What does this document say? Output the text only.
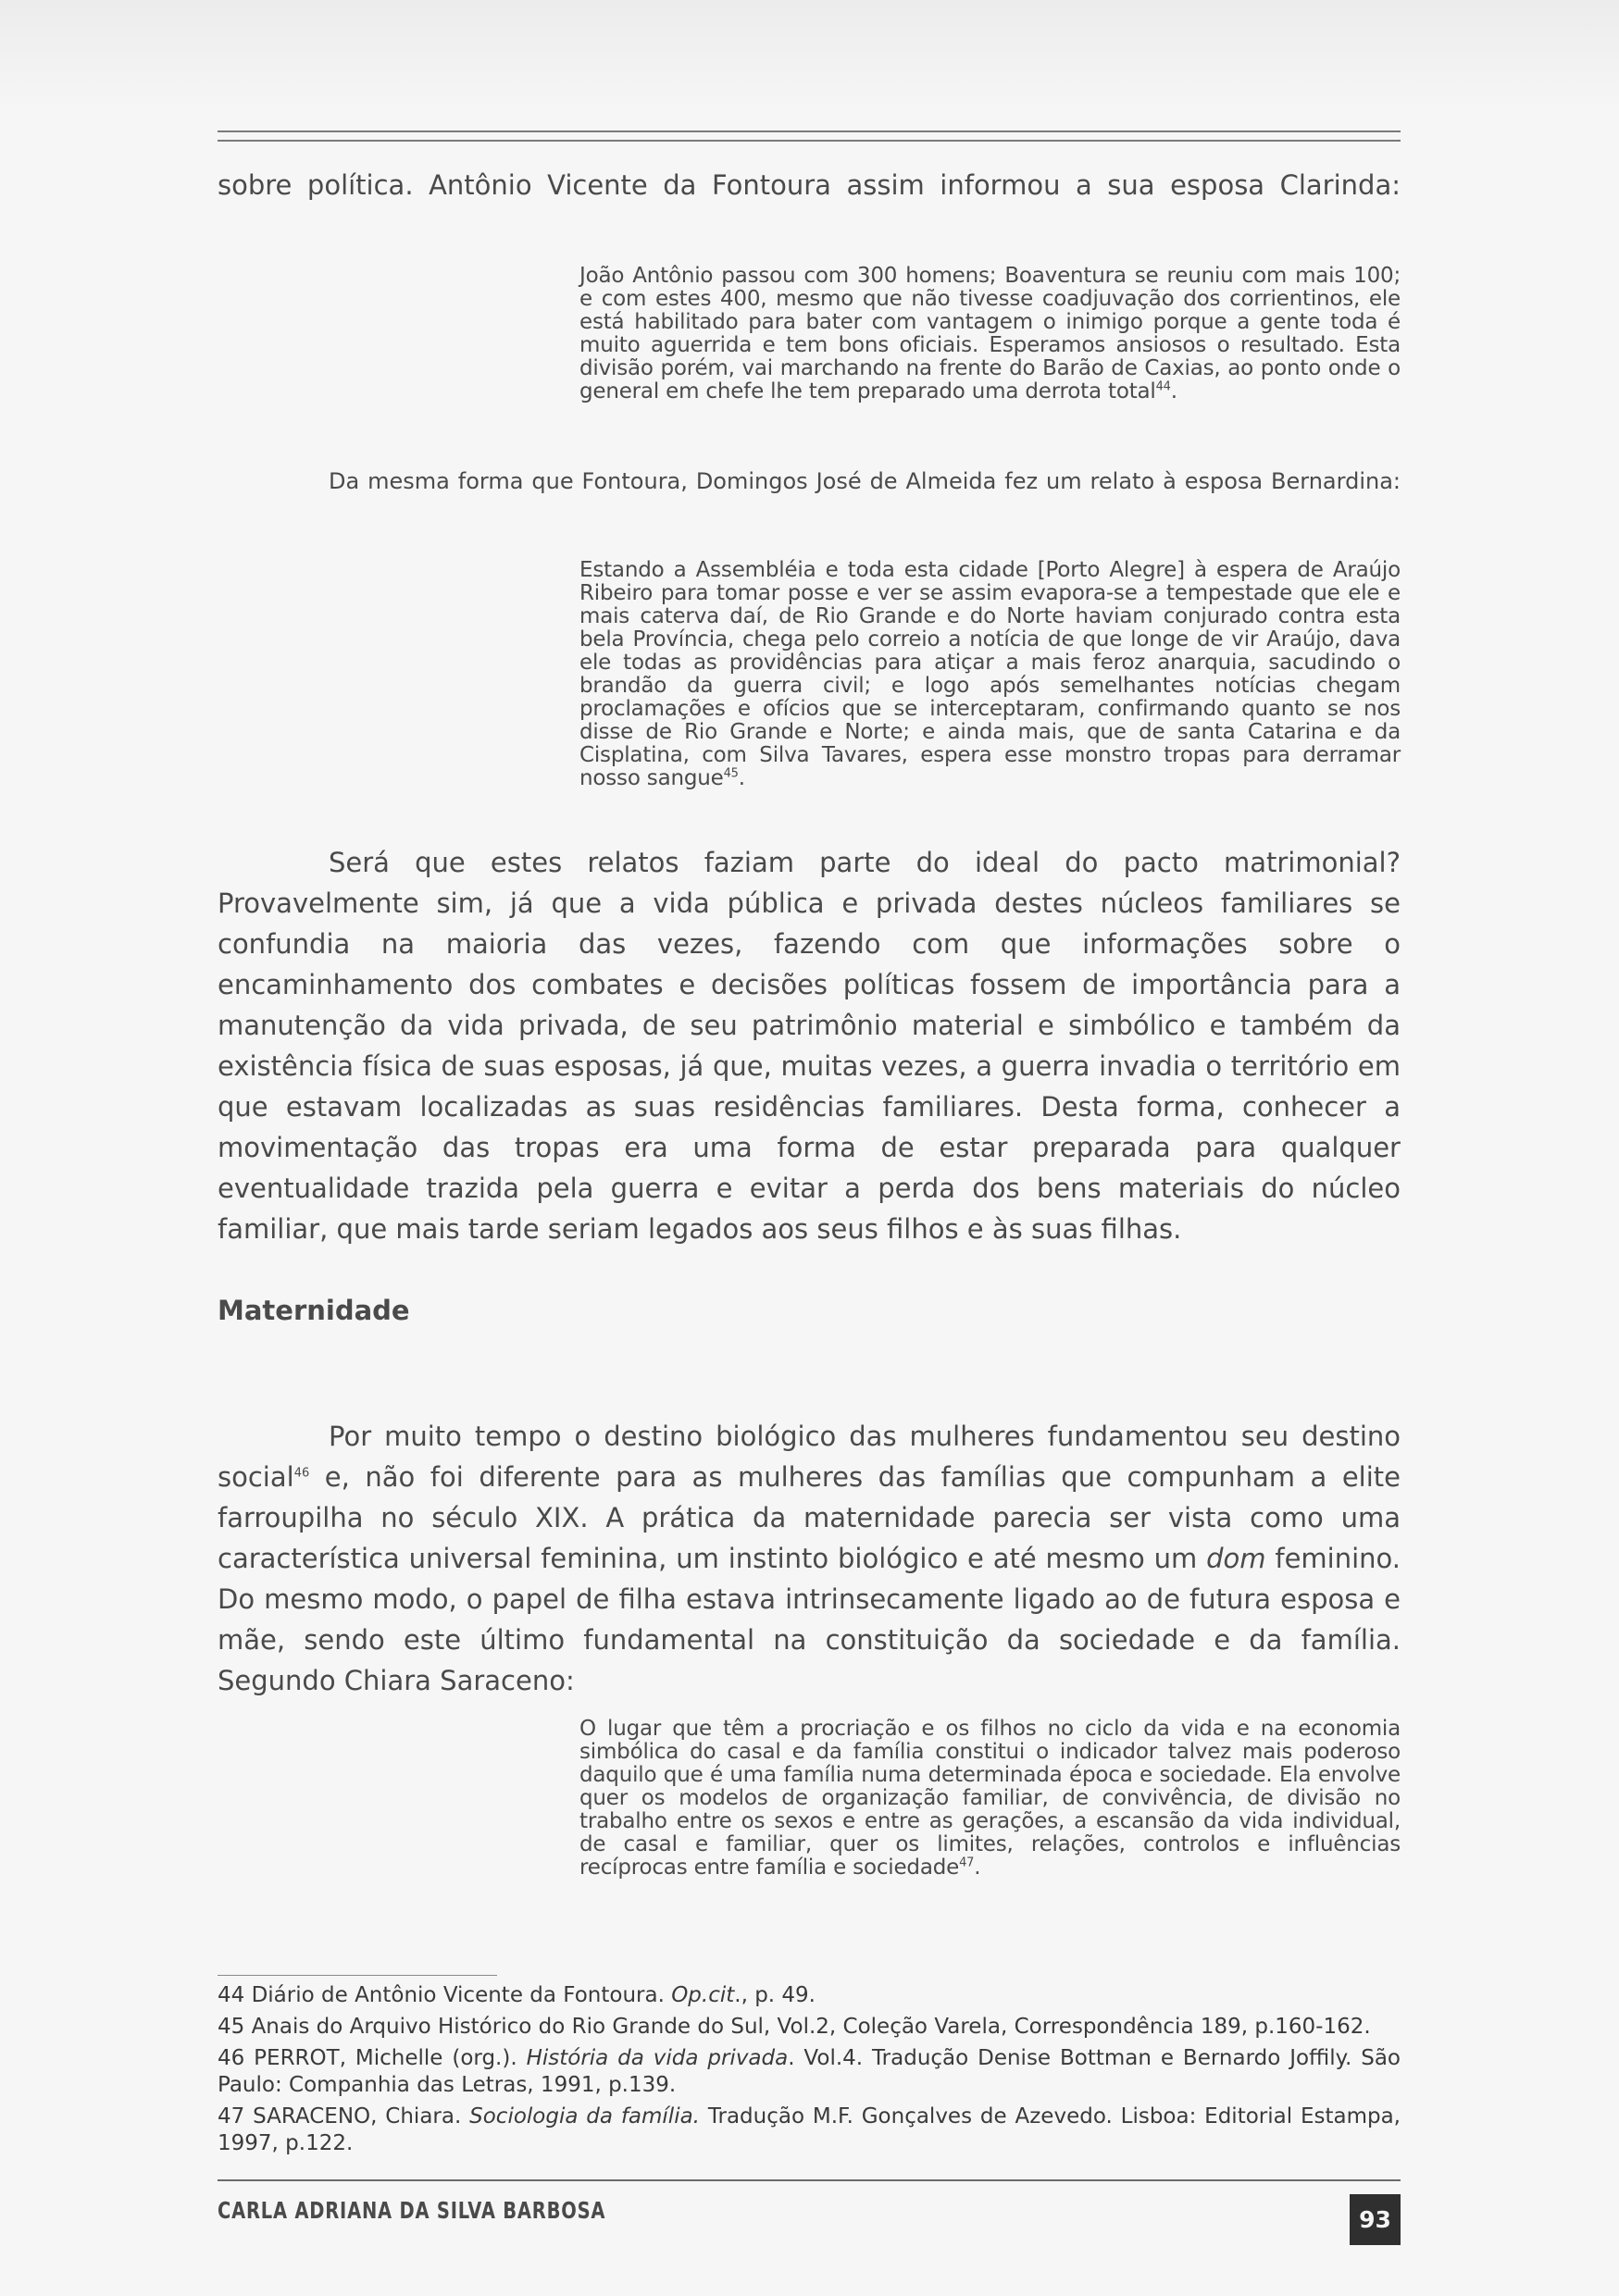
sobre política. Antônio Vicente da Fontoura assim informou a sua esposa Clarinda:
João Antônio passou com 300 homens; Boaventura se reuniu com mais 100; e com estes 400, mesmo que não tivesse coadjuvação dos corrientinos, ele está habilitado para bater com vantagem o inimigo porque a gente toda é muito aguerrida e tem bons oficiais. Esperamos ansiosos o resultado. Esta divisão porém, vai marchando na frente do Barão de Caxias, ao ponto onde o general em chefe lhe tem preparado uma derrota total$^{44}$.
Da mesma forma que Fontoura, Domingos José de Almeida fez um relato à esposa Bernardina:
Estando a Assembléia e toda esta cidade [Porto Alegre] à espera de Araújo Ribeiro para tomar posse e ver se assim evapora-se a tempestade que ele e mais caterva daí, de Rio Grande e do Norte haviam conjurado contra esta bela Província, chega pelo correio a notícia de que longe de vir Araújo, dava ele todas as providências para atiçar a mais feroz anarquia, sacudindo o brandão da guerra civil; e logo após semelhantes notícias chegam proclamações e ofícios que se interceptaram, confirmando quanto se nos disse de Rio Grande e Norte; e ainda mais, que de santa Catarina e da Cisplatina, com Silva Tavares, espera esse monstro tropas para derramar nosso sangue$^{45}$.
Será que estes relatos faziam parte do ideal do pacto matrimonial? Provavelmente sim, já que a vida pública e privada destes núcleos familiares se confundia na maioria das vezes, fazendo com que informações sobre o encaminhamento dos combates e decisões políticas fossem de importância para a manutenção da vida privada, de seu patrimônio material e simbólico e também da existência física de suas esposas, já que, muitas vezes, a guerra invadia o território em que estavam localizadas as suas residências familiares. Desta forma, conhecer a movimentação das tropas era uma forma de estar preparada para qualquer eventualidade trazida pela guerra e evitar a perda dos bens materiais do núcleo familiar, que mais tarde seriam legados aos seus filhos e às suas filhas.
Maternidade
Por muito tempo o destino biológico das mulheres fundamentou seu destino social$^{46}$ e, não foi diferente para as mulheres das famílias que compunham a elite farroupilha no século XIX. A prática da maternidade parecia ser vista como uma característica universal feminina, um instinto biológico e até mesmo um dom feminino. Do mesmo modo, o papel de filha estava intrinsecamente ligado ao de futura esposa e mãe, sendo este último fundamental na constituição da sociedade e da família. Segundo Chiara Saraceno:
O lugar que têm a procriação e os filhos no ciclo da vida e na economia simbólica do casal e da família constitui o indicador talvez mais poderoso daquilo que é uma família numa determinada época e sociedade. Ela envolve quer os modelos de organização familiar, de convivência, de divisão no trabalho entre os sexos e entre as gerações, a escansão da vida individual, de casal e familiar, quer os limites, relações, controlos e influências recíprocas entre família e sociedade$^{47}$.
44 Diário de Antônio Vicente da Fontoura. Op.cit., p. 49.
45 Anais do Arquivo Histórico do Rio Grande do Sul, Vol.2, Coleção Varela, Correspondência 189, p.160-162.
46 PERROT, Michelle (org.). História da vida privada. Vol.4. Tradução Denise Bottman e Bernardo Joffily. São Paulo: Companhia das Letras, 1991, p.139.
47 SARACENO, Chiara. Sociologia da família. Tradução M.F. Gonçalves de Azevedo. Lisboa: Editorial Estampa, 1997, p.122.
CARLA ADRIANA DA SILVA BARBOSA	93
